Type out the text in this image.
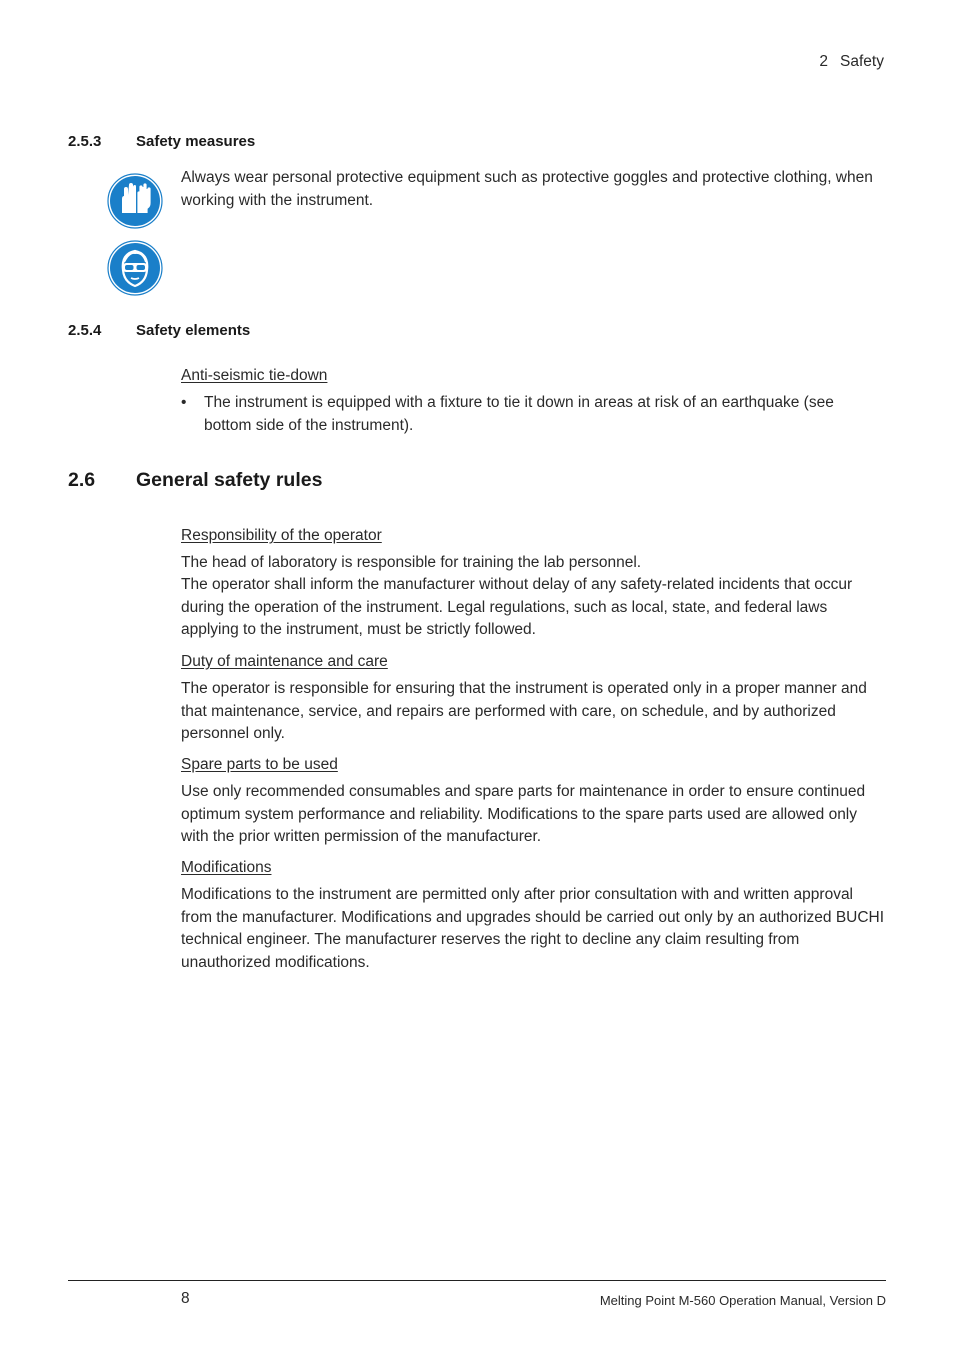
2 Safety
2.5.3 Safety measures
Always wear personal protective equipment such as protective goggles and protective clothing, when working with the instrument.
2.5.4 Safety elements
Anti-seismic tie-down
•	The instrument is equipped with a fixture to tie it down in areas at risk of an earthquake (see bottom side of the instrument).
2.6 General safety rules
Responsibility of the operator
The head of laboratory is responsible for training the lab personnel.
The operator shall inform the manufacturer without delay of any safety-related incidents that occur during the operation of the instrument. Legal regulations, such as local, state, and federal laws applying to the instrument, must be strictly followed.
Duty of maintenance and care
The operator is responsible for ensuring that the instrument is operated only in a proper manner and that maintenance, service, and repairs are performed with care, on schedule, and by authorized personnel only.
Spare parts to be used
Use only recommended consumables and spare parts for maintenance in order to ensure continued optimum system performance and reliability. Modifications to the spare parts used are allowed only with the prior written permission of the manufacturer.
Modifications
Modifications to the instrument are permitted only after prior consultation with and written approval from the manufacturer. Modifications and upgrades should be carried out only by an authorized BUCHI technical engineer. The manufacturer reserves the right to decline any claim resulting from unauthorized modifications.
8	Melting Point M-560 Operation Manual, Version D
